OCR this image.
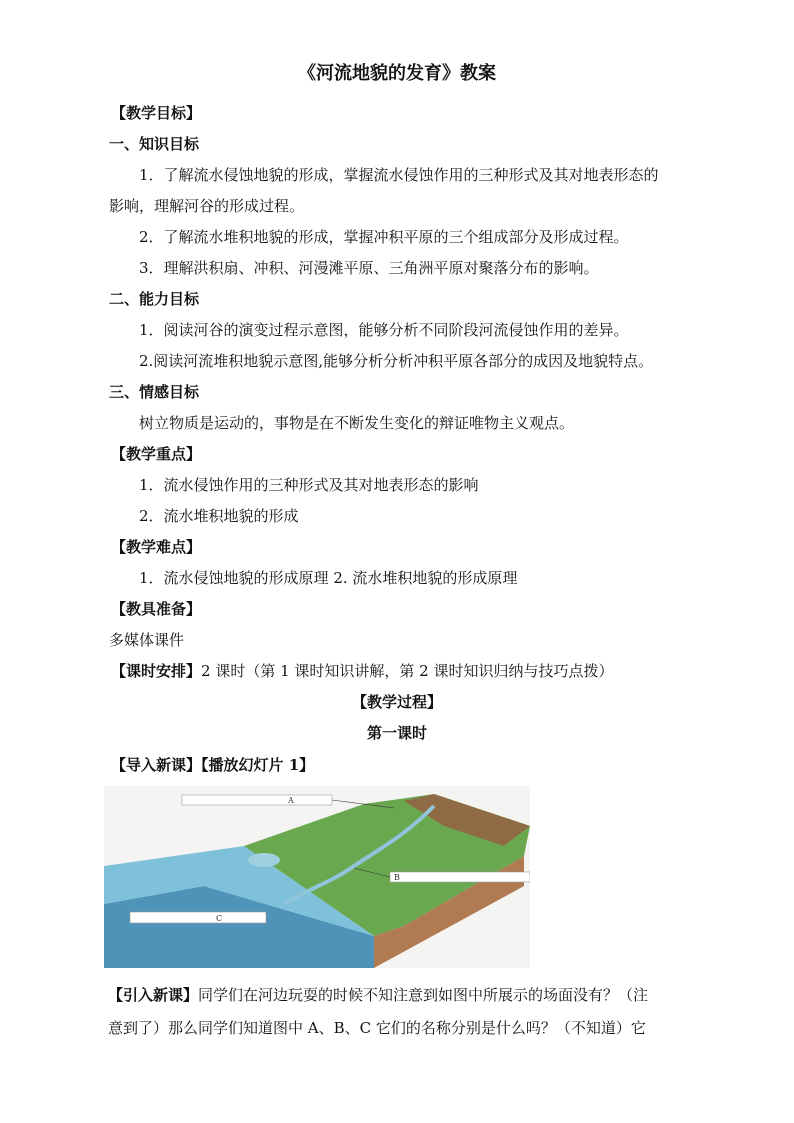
《河流地貌的发育》教案
【教学目标】
一、知识目标
1．了解流水侵蚀地貌的形成，掌握流水侵蚀作用的三种形式及其对地表形态的
影响，理解河谷的形成过程。
2．了解流水堆积地貌的形成，掌握冲积平原的三个组成部分及形成过程。
3．理解洪积扇、冲积、河漫滩平原、三角洲平原对聚落分布的影响。
二、能力目标
1．阅读河谷的演变过程示意图，能够分析不同阶段河流侵蚀作用的差异。
2.阅读河流堆积地貌示意图,能够分析分析冲积平原各部分的成因及地貌特点。
三、情感目标
树立物质是运动的，事物是在不断发生变化的辩证唯物主义观点。
【教学重点】
1．流水侵蚀作用的三种形式及其对地表形态的影响
2．流水堆积地貌的形成
【教学难点】
1．流水侵蚀地貌的形成原理 2. 流水堆积地貌的形成原理
【教具准备】
多媒体课件
【课时安排】2 课时（第 1 课时知识讲解，第 2 课时知识归纳与技巧点拨）
【教学过程】
第一课时
【导入新课】【播放幻灯片 1】
A
B
C
【引入新课】同学们在河边玩耍的时候不知注意到如图中所展示的场面没有？（注
意到了）那么同学们知道图中 A、B、C 它们的名称分别是什么吗？（不知道）它
